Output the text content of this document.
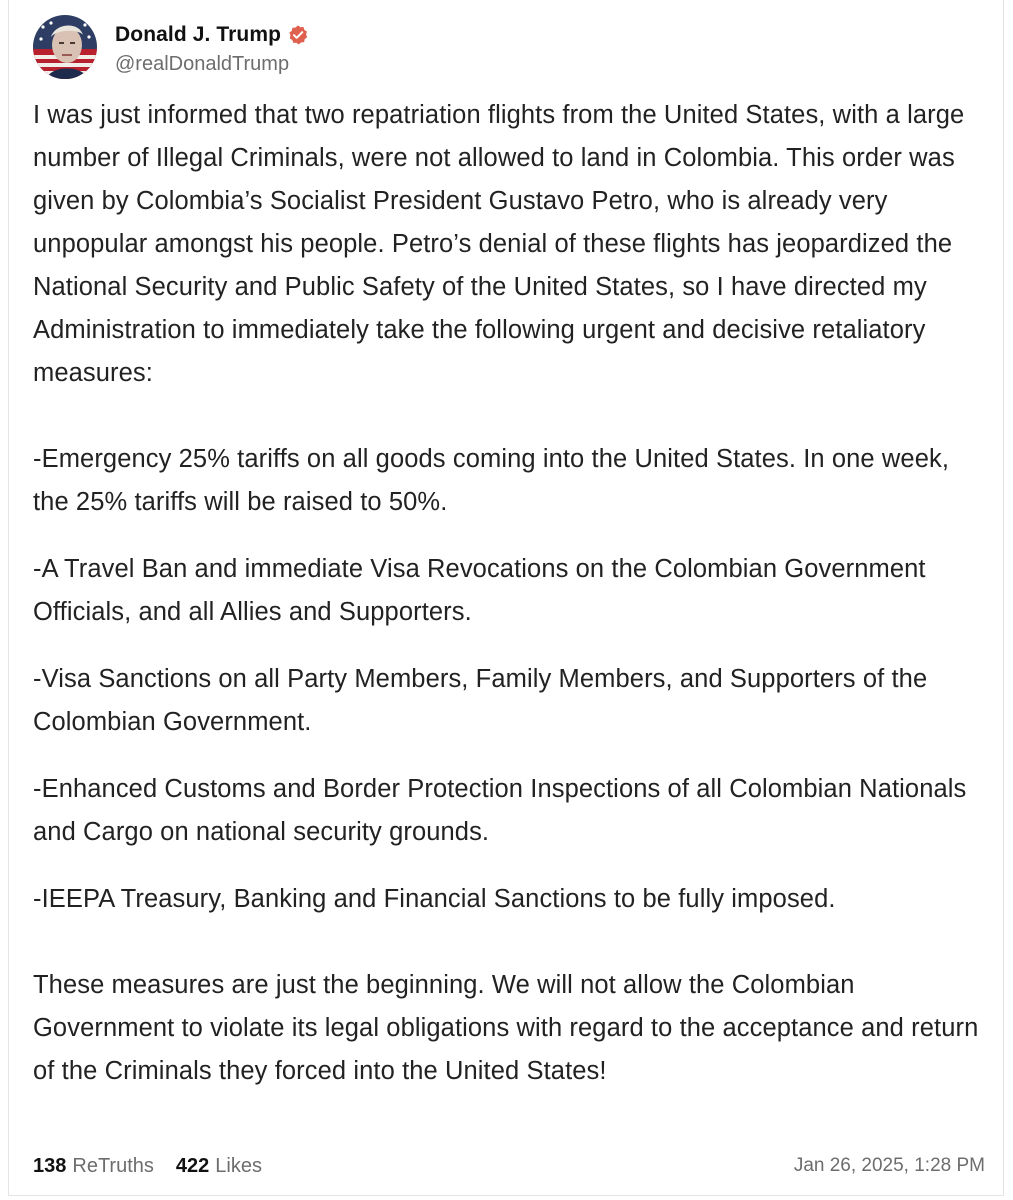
Donald J. Trump
@realDonaldTrump

I was just informed that two repatriation flights from the United States, with a large number of Illegal Criminals, were not allowed to land in Colombia. This order was given by Colombia’s Socialist President Gustavo Petro, who is already very unpopular amongst his people. Petro’s denial of these flights has jeopardized the National Security and Public Safety of the United States, so I have directed my Administration to immediately take the following urgent and decisive retaliatory measures:

-Emergency 25% tariffs on all goods coming into the United States. In one week, the 25% tariffs will be raised to 50%.

-A Travel Ban and immediate Visa Revocations on the Colombian Government Officials, and all Allies and Supporters.

-Visa Sanctions on all Party Members, Family Members, and Supporters of the Colombian Government.

-Enhanced Customs and Border Protection Inspections of all Colombian Nationals and Cargo on national security grounds.

-IEEPA Treasury, Banking and Financial Sanctions to be fully imposed.

These measures are just the beginning. We will not allow the Colombian Government to violate its legal obligations with regard to the acceptance and return of the Criminals they forced into the United States!

138 ReTruths 422 Likes	Jan 26, 2025, 1:28 PM
